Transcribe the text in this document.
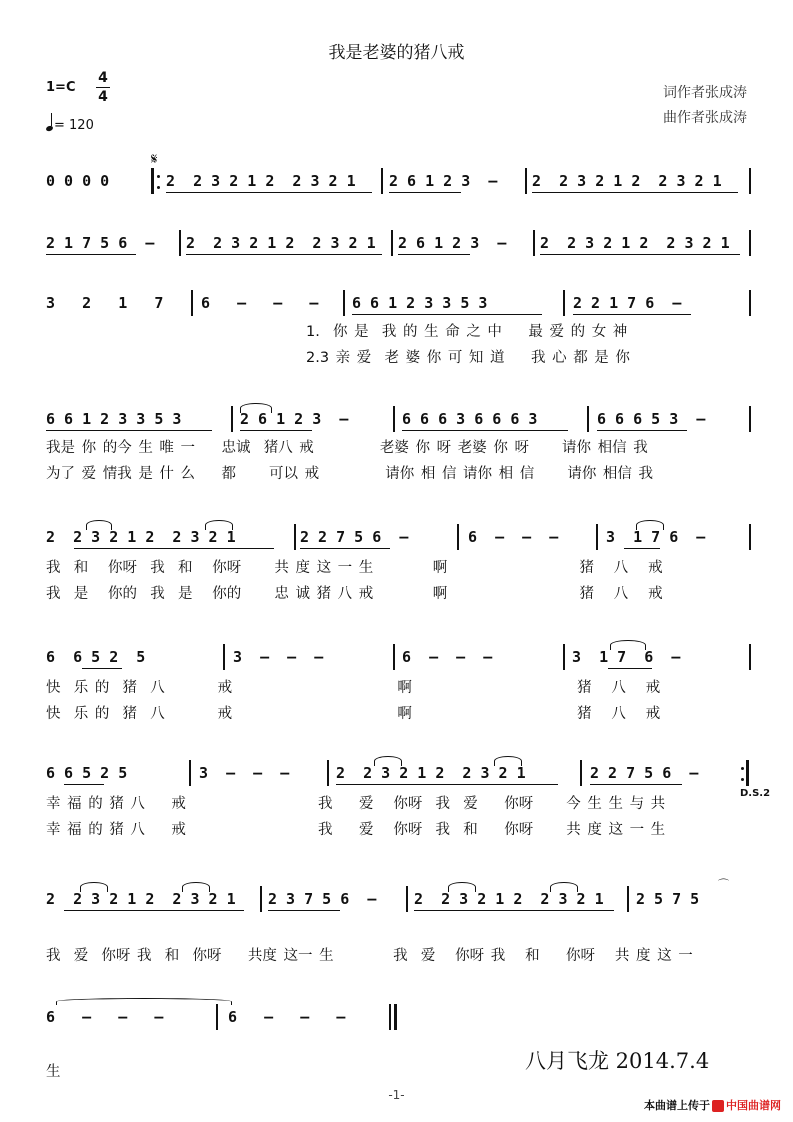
我是老婆的猪八戒
1=C
4
4
= 120
词作者张成涛
曲作者张成涛
𝄋
0 0 0 0	2  2 3 2 1 2  2 3 2 1 2 6 1 2 3  – 2  2 3 2 1 2  2 3 2 1
2 1 7 5 6  – 2  2 3 2 1 2  2 3 2 1 2 6 1 2 3  – 2  2 3 2 1 2  2 3 2 1
3   2   1   7	6   –   –   – 6 6 1 2 3 3 5 3	2 2 1 7 6  –
1.  你 是  我 的 生 命 之 中    最 爱 的 女 神
2.3 亲 爱  老 婆 你 可 知 道    我 心 都 是 你
6 6 1 2 3 3 5 3	2 6 1 2 3  –	6 6 6 3 6 6 6 3	6 6 6 5 3  –
我是 你 的今 生 唯 一    忠诚  猪八 戒          老婆 你 呀 老婆 你 呀     请你 相信 我
为了 爱 情我 是 什 么    都     可以 戒          请你 相 信 请你 相 信     请你 相信 我
2  2 3 2 1 2  2 3 2 1	2 2 7 5 6  –	6  –  –  –	3  1 7 6  –
我  和   你呀  我  和   你呀     共 度 这 一 生         啊                    猪   八   戒
我  是   你的  我  是   你的     忠 诚 猪 八 戒         啊                    猪   八   戒
6  6 5 2  5	3  –  –  –	6  –  –  –	3  1 7  6  –
快  乐 的  猪  八        戒                         啊                         猪   八   戒
快  乐 的  猪  八        戒                         啊                         猪   八   戒
6 6 5 2 5	3  –  –  –	2  2 3 2 1 2  2 3 2 1	2 2 7 5 6  –
D.S.2
幸 福 的 猪 八    戒                    我    爱   你呀  我  爱    你呀     今 生 生 与 共
幸 福 的 猪 八    戒                    我    爱   你呀  我  和    你呀     共 度 这 一 生
2  2 3 2 1 2  2 3 2 1 2 3 7 5 6  –	2  2 3 2 1 2  2 3 2 1 2 5 7 5
⌒
我  爱  你呀 我  和  你呀    共度 这一 生         我  爱   你呀 我   和    你呀   共 度 这 一
6   –   –   –	6   –   –   –
生	八月飞龙 2014.7.4
-1-
本曲谱上传于 中国曲谱网
